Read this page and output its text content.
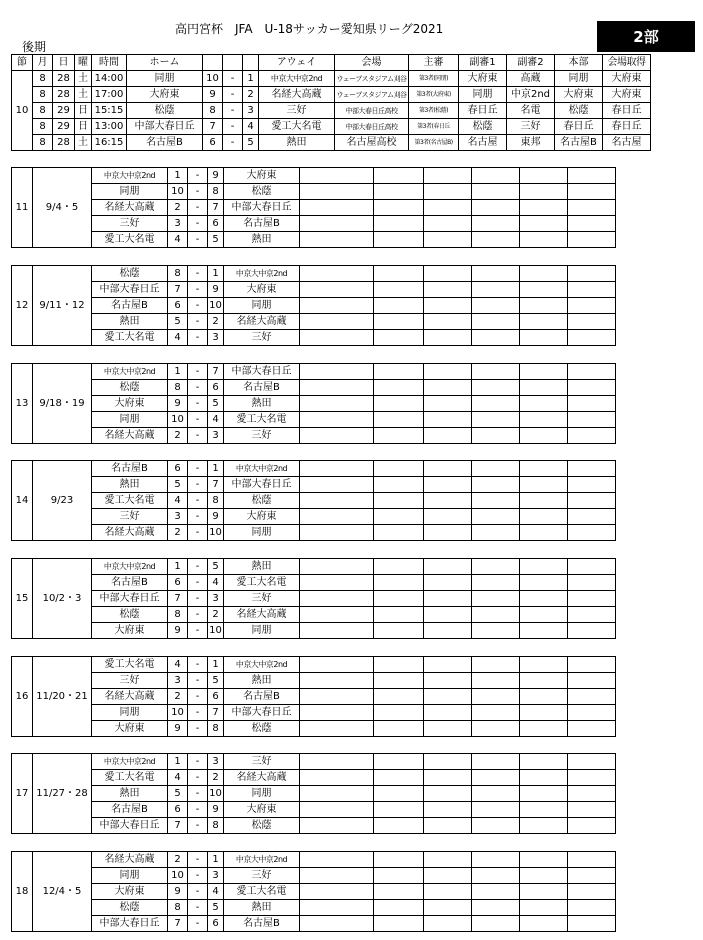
高円宮杯　JFA　U-18サッカー愛知県リーグ2021
後期
2部
節	月	日	曜	時間	ホーム				アウェイ	会場	主審	副審1	副審2	本部	会場取得
10	8	28	土	14:00	同朋	10	-	1	中京大中京2nd	ウェーブスタジアム刈谷	第3者(同朋)	大府東	高蔵	同朋	大府東
	8	28	土	17:00	大府東	9	-	2	名経大高蔵	ウェーブスタジアム刈谷	第3者(大府東)	同朋	中京2nd	大府東	大府東
	8	29	日	15:15	松蔭	8	-	3	三好	中部大春日丘高校	第3者(松蔭)	春日丘	名電	松蔭	春日丘
	8	29	日	13:00	中部大春日丘	7	-	4	愛工大名電	中部大春日丘高校	第3者(春日丘	松蔭	三好	春日丘	春日丘
	8	28	土	16:15	名古屋B	6	-	5	熱田	名古屋高校	第3者(名古屋B)	名古屋	東邦	名古屋B	名古屋
11	9/4・5	中京大中京2nd	1	-	9	大府東						
		同朋	10	-	8	松蔭						
		名経大高蔵	2	-	7	中部大春日丘						
		三好	3	-	6	名古屋B						
		愛工大名電	4	-	5	熱田						
12	9/11・12	松蔭	8	-	1	中京大中京2nd						
		中部大春日丘	7	-	9	大府東						
		名古屋B	6	-	10	同朋						
		熱田	5	-	2	名経大高蔵						
		愛工大名電	4	-	3	三好						
13	9/18・19	中京大中京2nd	1	-	7	中部大春日丘						
		松蔭	8	-	6	名古屋B						
		大府東	9	-	5	熱田						
		同朋	10	-	4	愛工大名電						
		名経大高蔵	2	-	3	三好						
14	9/23	名古屋B	6	-	1	中京大中京2nd						
		熱田	5	-	7	中部大春日丘						
		愛工大名電	4	-	8	松蔭						
		三好	3	-	9	大府東						
		名経大高蔵	2	-	10	同朋						
15	10/2・3	中京大中京2nd	1	-	5	熱田						
		名古屋B	6	-	4	愛工大名電						
		中部大春日丘	7	-	3	三好						
		松蔭	8	-	2	名経大高蔵						
		大府東	9	-	10	同朋						
16	11/20・21	愛工大名電	4	-	1	中京大中京2nd						
		三好	3	-	5	熱田						
		名経大高蔵	2	-	6	名古屋B						
		同朋	10	-	7	中部大春日丘						
		大府東	9	-	8	松蔭						
17	11/27・28	中京大中京2nd	1	-	3	三好						
		愛工大名電	4	-	2	名経大高蔵						
		熱田	5	-	10	同朋						
		名古屋B	6	-	9	大府東						
		中部大春日丘	7	-	8	松蔭						
18	12/4・5	名経大高蔵	2	-	1	中京大中京2nd						
		同朋	10	-	3	三好						
		大府東	9	-	4	愛工大名電						
		松蔭	8	-	5	熱田						
		中部大春日丘	7	-	6	名古屋B						
